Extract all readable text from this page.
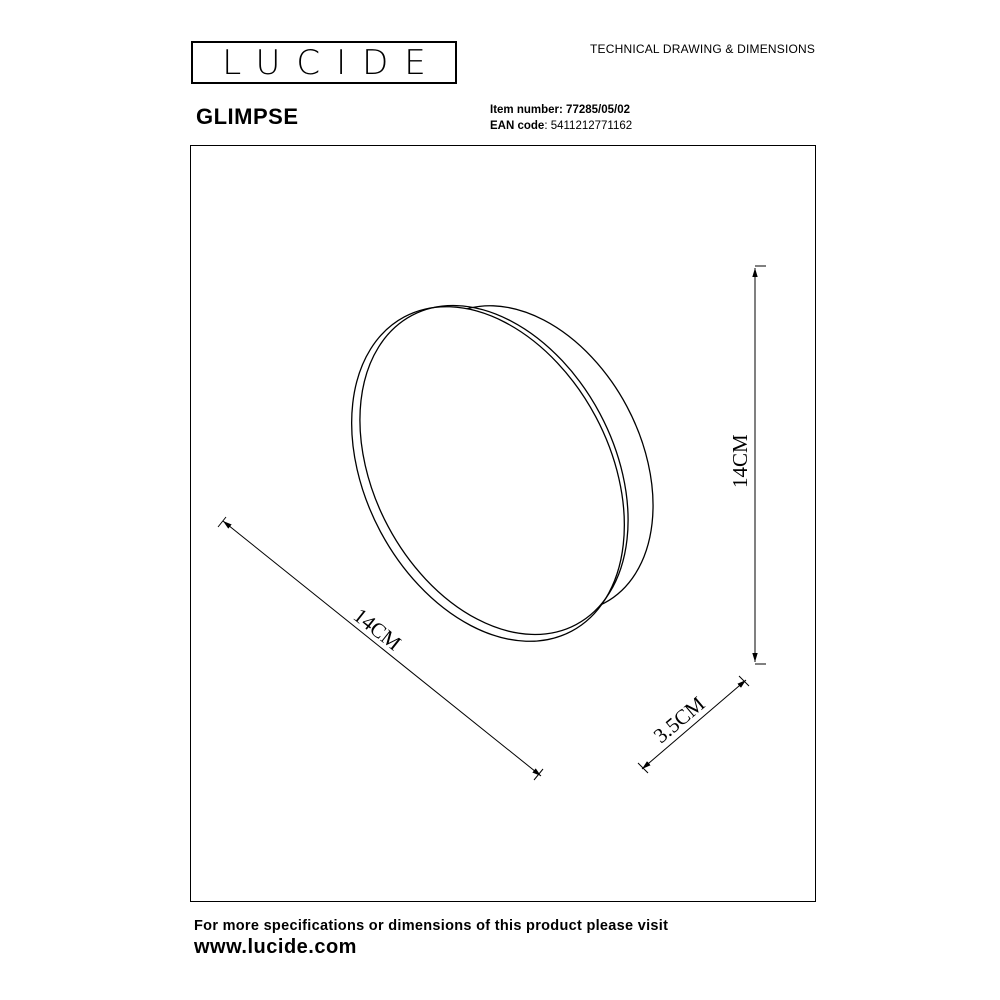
LUCIDE	TECHNICAL DRAWING & DIMENSIONS
GLIMPSE	Item number: 77285/05/02
EAN code: 5411212771162
14CM
14CM
3.5CM
For more specifications or dimensions of this product please visit
www.lucide.com
